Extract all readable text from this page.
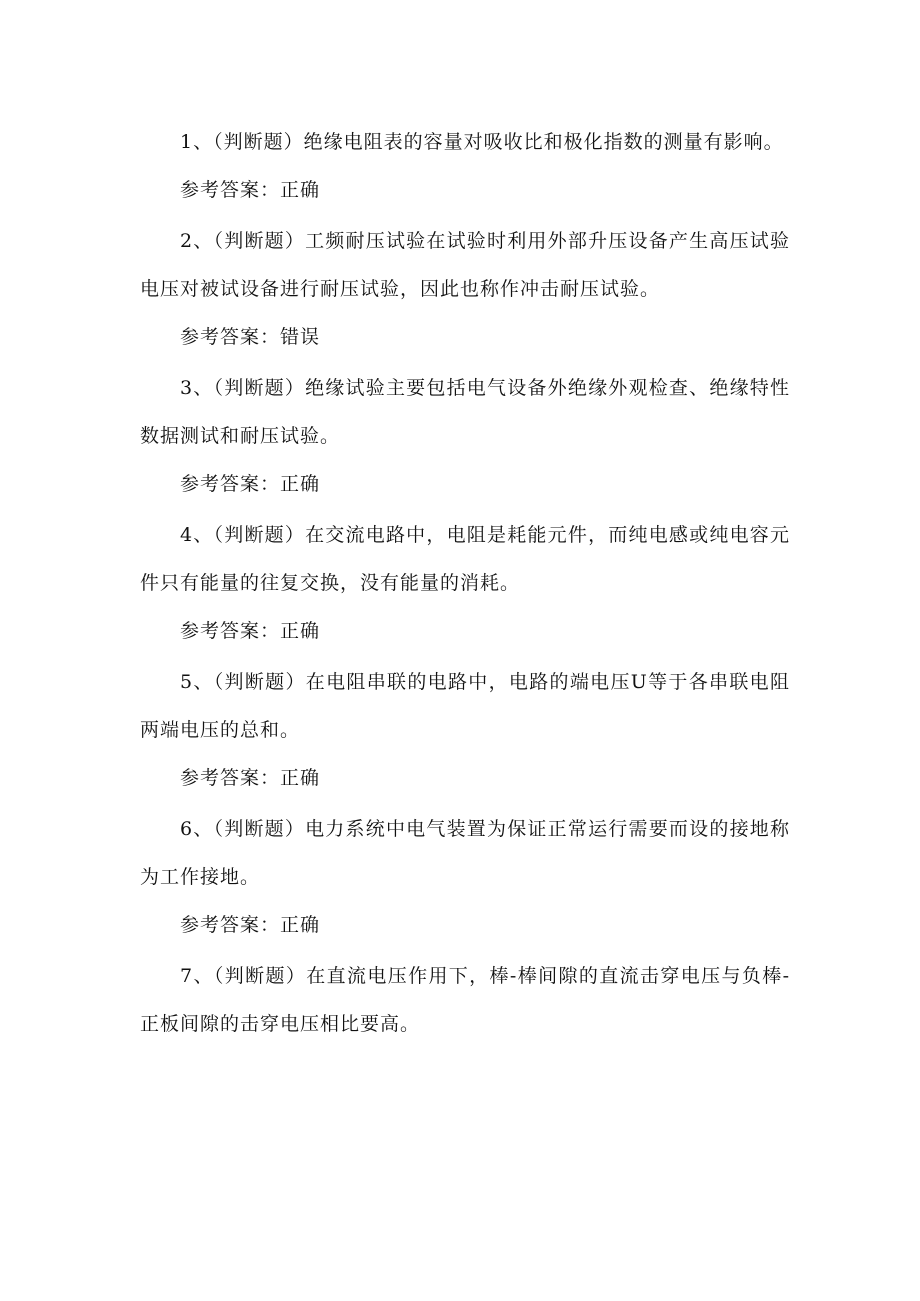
1、（判断题）绝缘电阻表的容量对吸收比和极化指数的测量有影响。

参考答案：正确

2、（判断题）工频耐压试验在试验时利用外部升压设备产生高压试验电压对被试设备进行耐压试验，因此也称作冲击耐压试验。

参考答案：错误

3、（判断题）绝缘试验主要包括电气设备外绝缘外观检查、绝缘特性数据测试和耐压试验。

参考答案：正确

4、（判断题）在交流电路中，电阻是耗能元件，而纯电感或纯电容元件只有能量的往复交换，没有能量的消耗。

参考答案：正确

5、（判断题）在电阻串联的电路中，电路的端电压U等于各串联电阻两端电压的总和。

参考答案：正确

6、（判断题）电力系统中电气装置为保证正常运行需要而设的接地称为工作接地。

参考答案：正确

7、（判断题）在直流电压作用下，棒-棒间隙的直流击穿电压与负棒-正板间隙的击穿电压相比要高。
